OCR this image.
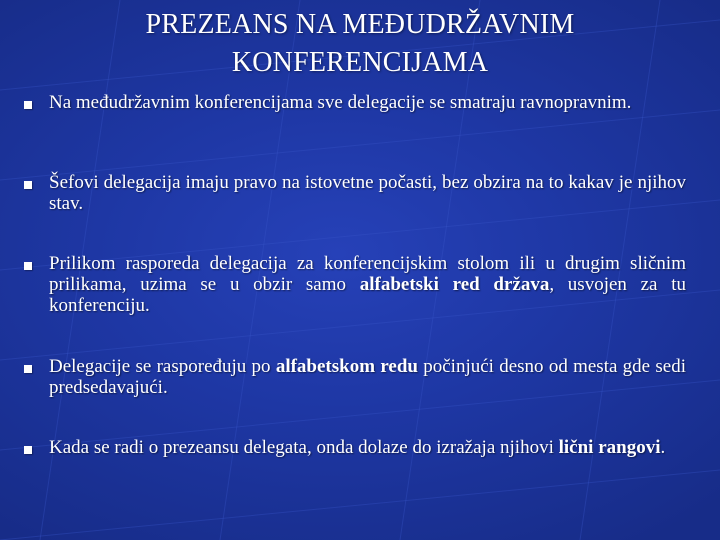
PREZEANS NA MEĐUDRŽAVNIM KONFERENCIJAMA
Na međudržavnim konferencijama sve delegacije se smatraju ravnopravnim.
Šefovi delegacija imaju pravo na istovetne počasti, bez obzira na to kakav je njihov stav.
Prilikom rasporeda delegacija za konferencijskim stolom ili u drugim sličnim prilikama, uzima se u obzir samo alfabetski red država, usvojen za tu konferenciju.
Delegacije se raspoređuju po alfabetskom redu počinjući desno od mesta gde sedi predsedavajući.
Kada se radi o prezeansu delegata, onda dolaze do izražaja njihovi lični rangovi.
